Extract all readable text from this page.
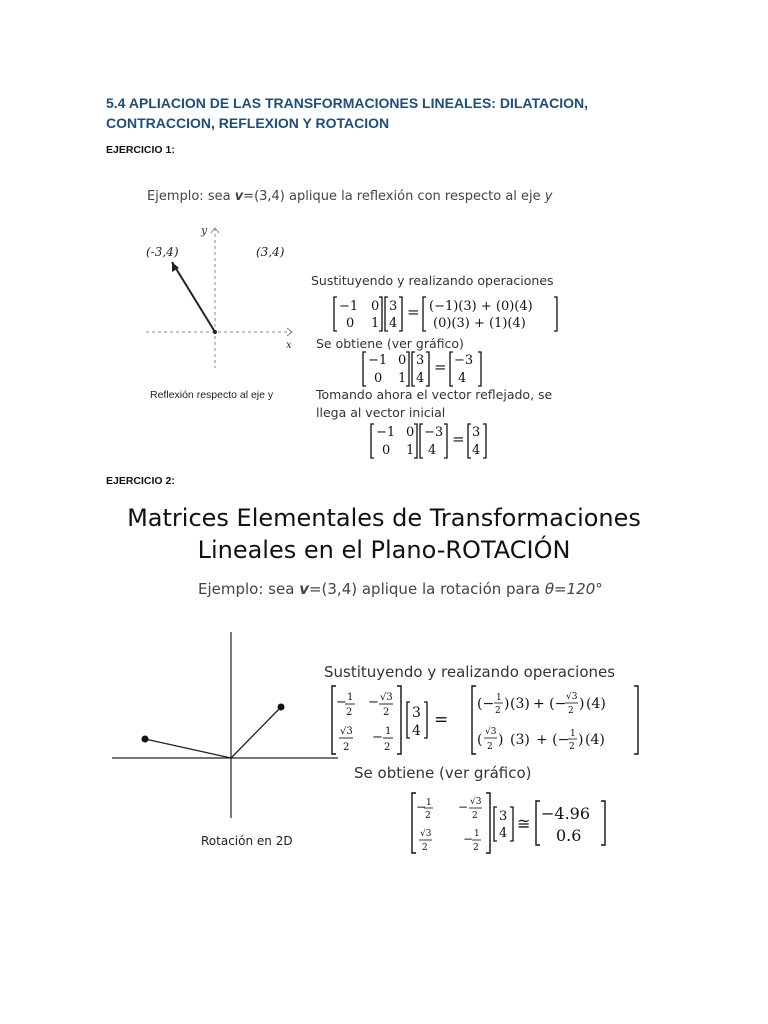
5.4 APLIACION DE LAS TRANSFORMACIONES LINEALES: DILATACION,
CONTRACCION, REFLEXION Y ROTACION
EJERCICIO 1:
Ejemplo: sea v=(3,4) aplique la reflexión con respecto al eje y
y
x
(-3,4)	(3,4)
Reflexión respecto al eje y
Sustituyendo y realizando operaciones
−1 0
0 1
3
4
= (−1)(3) + (0)(4)
(0)(3) + (1)(4)
Se obtiene (ver gráfico)
−1 0
0 1
3
4
= −3
4
Tomando ahora el vector reflejado, se
llega al vector inicial
−1 0
0 1
−3
4
= 3
4
EJERCICIO 2:
Matrices Elementales de Transformaciones
Lineales en el Plano-ROTACIÓN
Ejemplo: sea v=(3,4) aplique la rotación para θ=120°
Rotación en 2D
Sustituyendo y realizando operaciones
− 1
2
− √3
2
√3
2
− 1
2
3
4
=
(− 1
2 ) (3) + (− √3
2 ) (4)
( √3
2 ) (3) + (− 1
2 ) (4)
Se obtiene (ver gráfico)
− 1
2
− √3
2
√3
2
− 1
2
3
4
≅
−4.96
0.6
